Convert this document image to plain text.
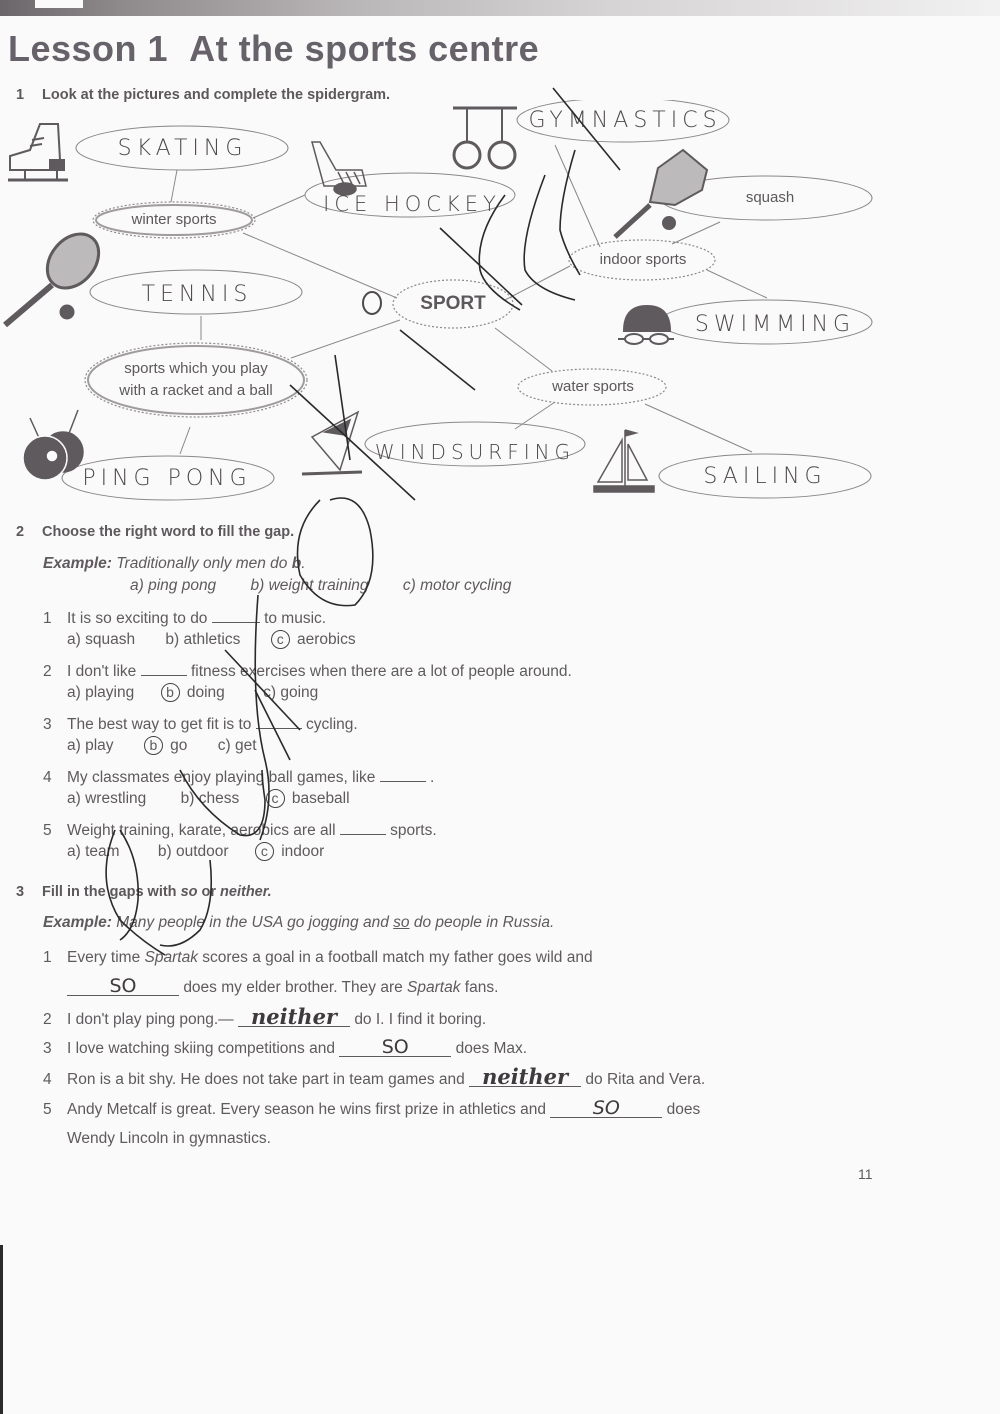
Lesson 1 At the sports centre
1 Look at the pictures and complete the spidergram.
SKATING
winter sports
ICE HOCKEY
GYMNASTICS
squash
indoor sports
TENNIS	SPORT
SWIMMING
sports which you play
with a racket and a ball	water sports
WINDSURFING
PING PONG	SAILING
2 Choose the right word to fill the gap.
Example: Traditionally only men do b.
a) ping pong b) weight training c) motor cycling
1 It is so exciting to do	to music.
a) squash b) athletics	c aerobics
2 I don't like	fitness exercises when there are a lot of people around.
a) playing b doing c) going
3 The best way to get fit is to	cycling.
a) play	b go c) get
4 My classmates enjoy playing ball games, like	.
a) wrestling b) chess c baseball
5 Weight training, karate, aerobics are all	sports.
a) team b) outdoor c indoor
3 Fill in the gaps with so or neither.
Example: Many people in the USA go jogging and so do people in Russia.
1 Every time Spartak scores a goal in a football match my father goes wild and
SO	does my elder brother. They are Spartak fans.
2 I don't play ping pong.— neither do I. I find it boring.
3 I love watching skiing competitions and SO	does Max.
4 Ron is a bit shy. He does not take part in team games and neither do Rita and Vera.
5 Andy Metcalf is great. Every season he wins first prize in athletics and SO	does
Wendy Lincoln in gymnastics.
11
